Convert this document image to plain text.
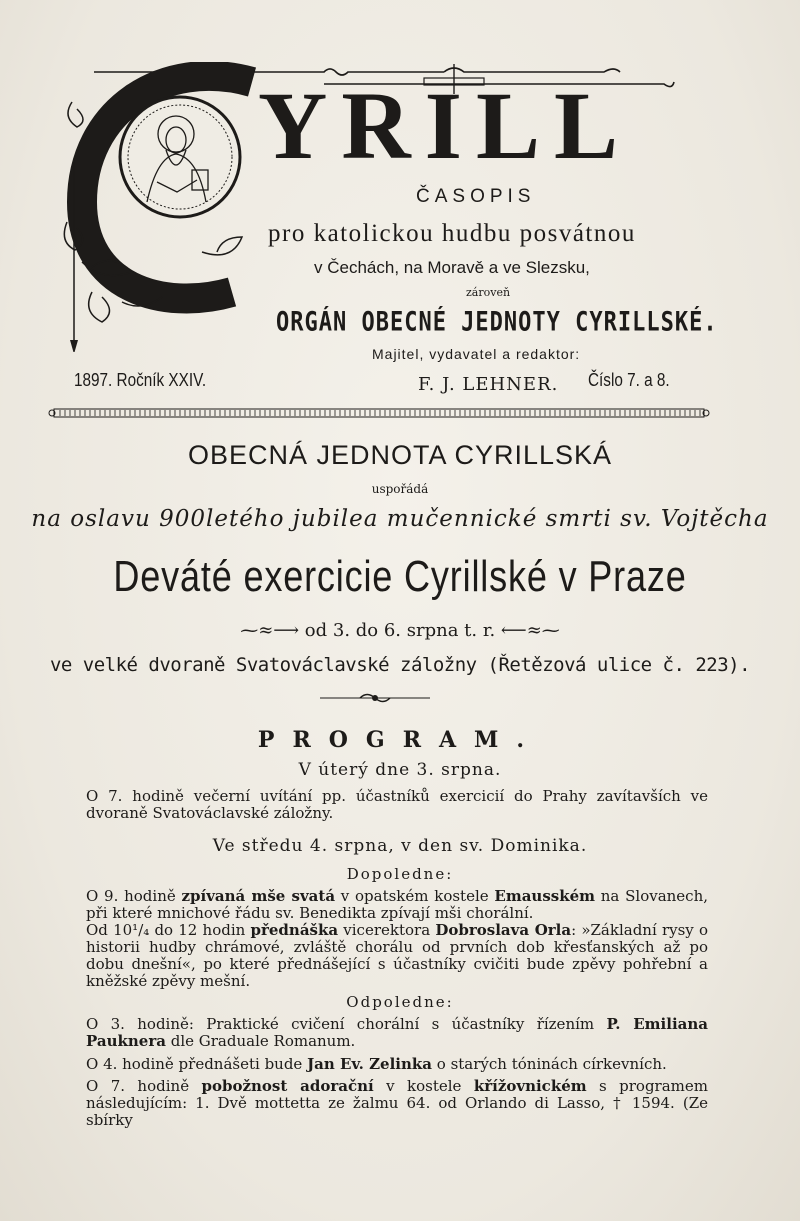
YRILL
ČASOPIS
pro katolickou hudbu posvátnou
v Čechách, na Moravě a ve Slezsku,
zároveň
ORGÁN OBECNÉ JEDNOTY CYRILLSKÉ.
Majitel, vydavatel a redaktor:
1897. Ročník XXIV.	F. J. LEHNER. Číslo 7. a 8.
OBECNÁ JEDNOTA CYRILLSKÁ
uspořádá
na oslavu 900letého jubilea mučennické smrti sv. Vojtěcha
Deváté exercicie Cyrillské v Praze
⁓≈⟶ od 3. do 6. srpna t. r. ⟵≈⁓
ve velké dvoraně Svatováclavské záložny (Řetězová ulice č. 223).
PROGRAM.
V úterý dne 3. srpna.
O 7. hodině večerní uvítání pp. účastníků exercicií do Prahy zavítavších ve dvoraně Svatováclavské záložny.
Ve středu 4. srpna, v den sv. Dominika.
Dopoledne:
O 9. hodině zpívaná mše svatá v opatském kostele Emausském na Slovanech, při které mnichové řádu sv. Benedikta zpívají mši chorální.
Od 10¹/₄ do 12 hodin přednáška vicerektora Dobroslava Orla: »Základní rysy o historii hudby chrámové, zvláště chorálu od prvních dob křesťanských až po dobu dnešní«, po které přednášející s účastníky cvičiti bude zpěvy pohřební a kněžské zpěvy mešní.
Odpoledne:
O 3. hodině: Praktické cvičení chorální s účastníky řízením P. Emiliana Pauknera dle Graduale Romanum.
O 4. hodině přednášeti bude Jan Ev. Zelinka o starých tóninách církevních.
O 7. hodině pobožnost adorační v kostele křížovnickém s programem následujícím: 1. Dvě mottetta ze žalmu 64. od Orlando di Lasso, † 1594. (Ze sbírky
